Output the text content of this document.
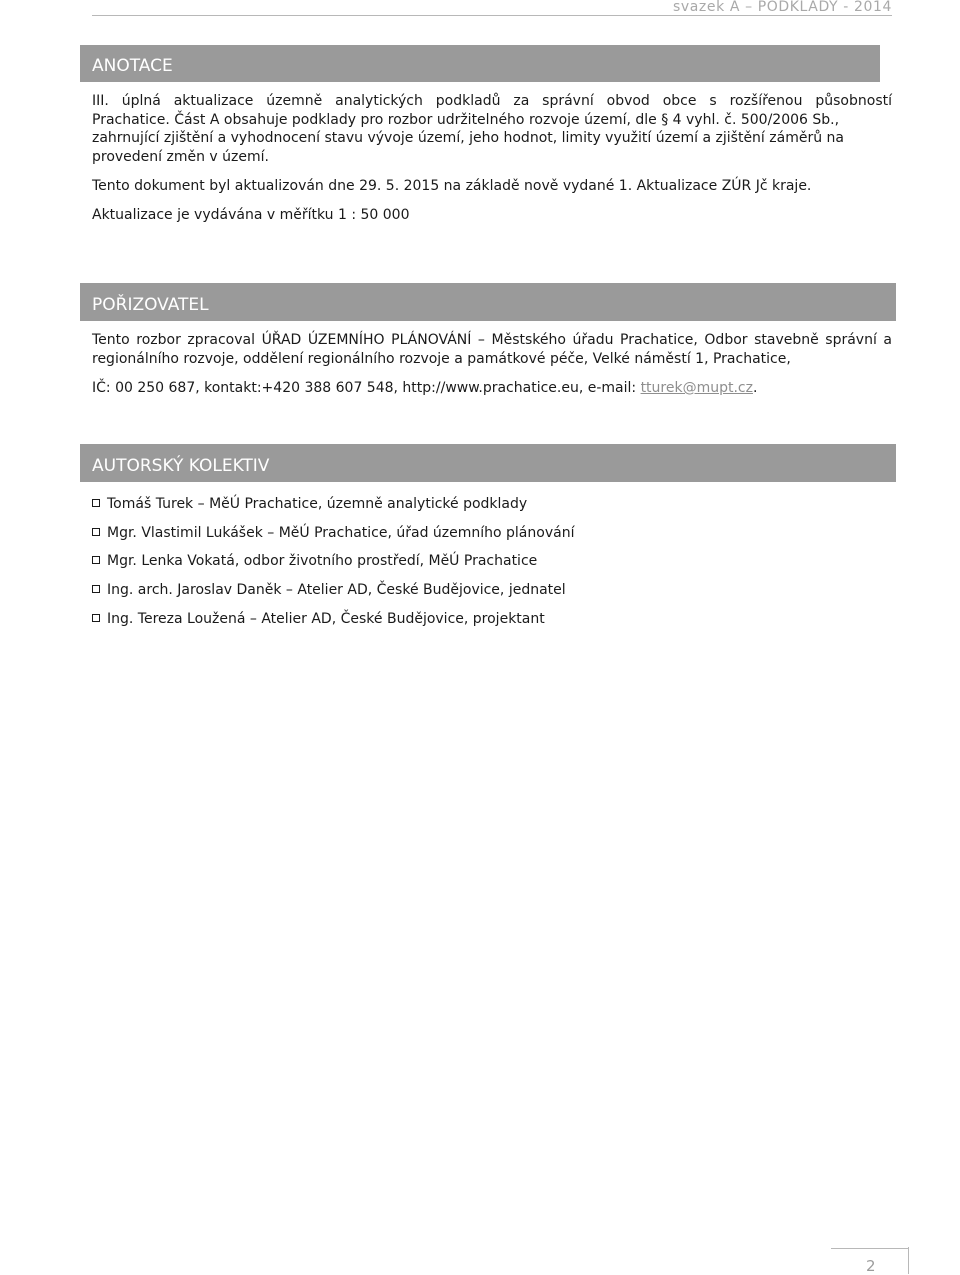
svazek A – PODKLADY - 2014
ANOTACE
III. úplná aktualizace územně analytických podkladů za správní obvod obce s rozšířenou působností
Prachatice. Část A obsahuje podklady pro rozbor udržitelného rozvoje území, dle § 4 vyhl. č. 500/2006 Sb.,
zahrnující zjištění a vyhodnocení stavu vývoje území, jeho hodnot, limity využití území a zjištění záměrů na
provedení změn v území.

Tento dokument byl aktualizován dne 29. 5. 2015 na základě nově vydané 1. Aktualizace ZÚR Jč kraje.

Aktualizace je vydávána v měřítku 1 : 50 000

POŘIZOVATEL
Tento rozbor zpracoval ÚŘAD ÚZEMNÍHO PLÁNOVÁNÍ – Městského úřadu Prachatice, Odbor stavebně správní a
regionálního rozvoje, oddělení regionálního rozvoje a památkové péče, Velké náměstí 1, Prachatice,

IČ: 00 250 687, kontakt:+420 388 607 548, http://www.prachatice.eu, e-mail: tturek@mupt.cz.

AUTORSKÝ KOLEKTIV
Tomáš Turek – MěÚ Prachatice, územně analytické podklady
Mgr. Vlastimil Lukášek – MěÚ Prachatice, úřad územního plánování
Mgr. Lenka Vokatá, odbor životního prostředí, MěÚ Prachatice
Ing. arch. Jaroslav Daněk – Atelier AD, České Budějovice, jednatel
Ing. Tereza Loužená – Atelier AD, České Budějovice, projektant
2
